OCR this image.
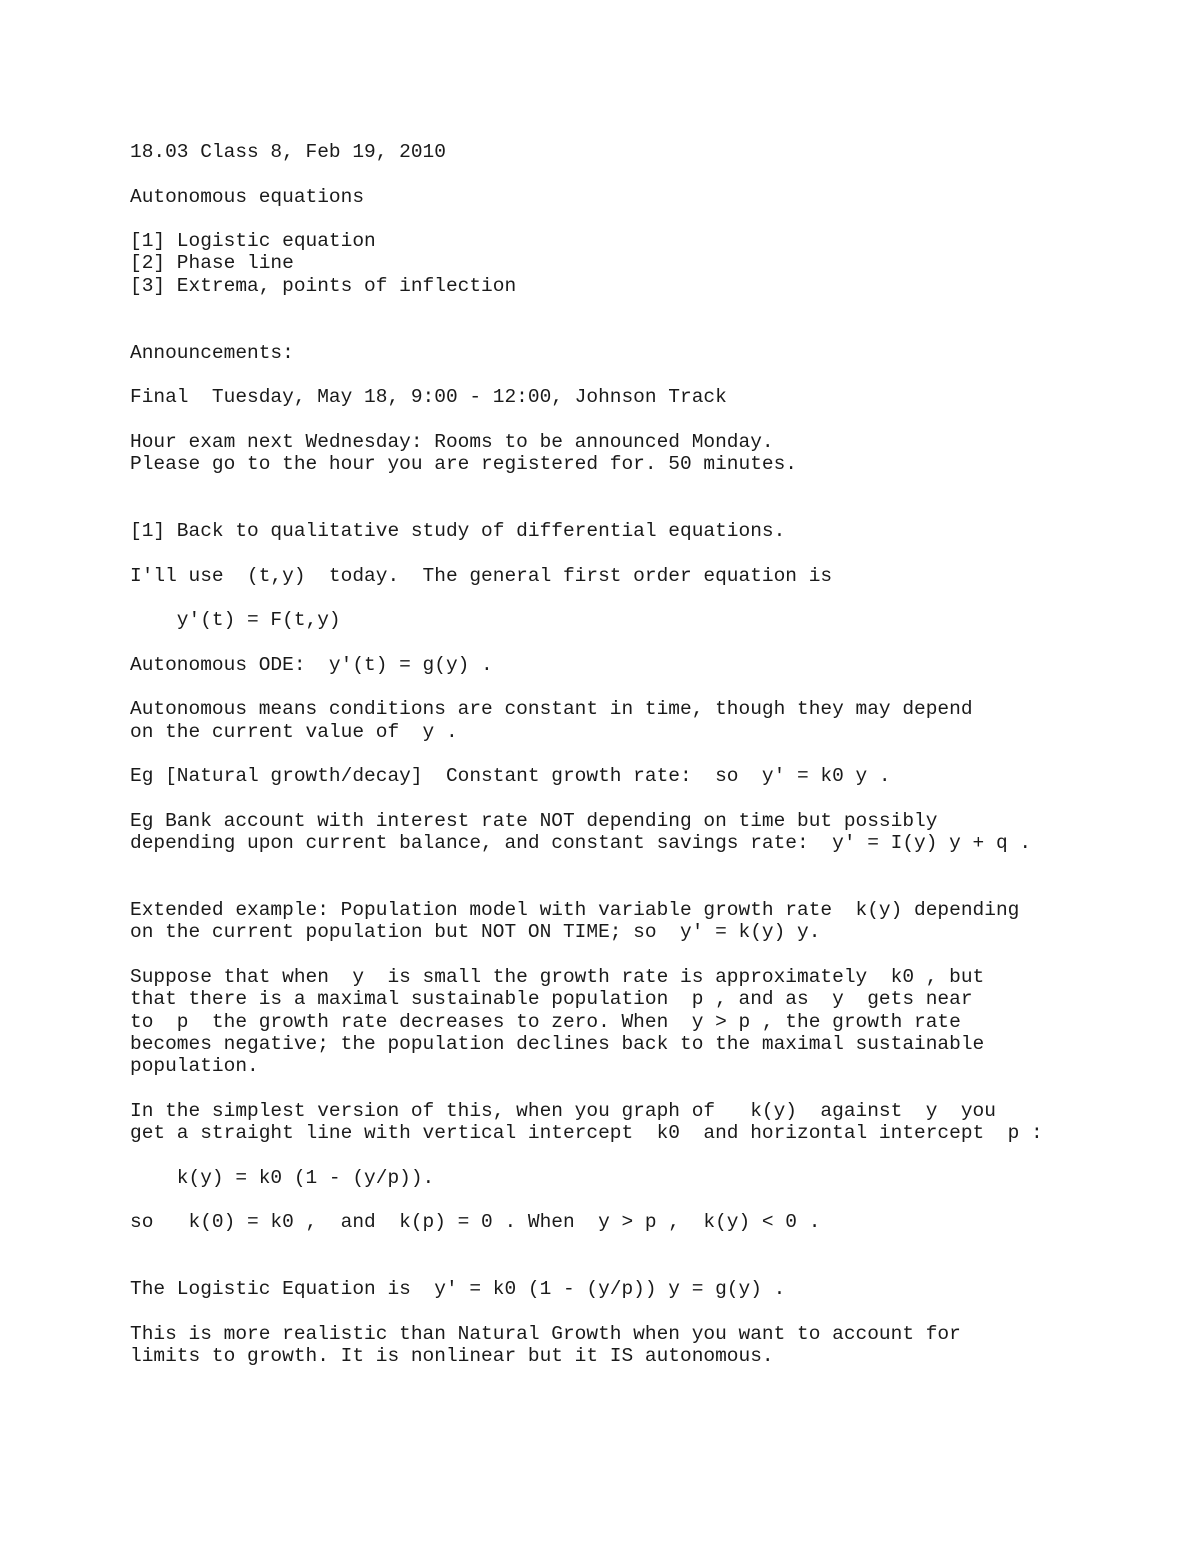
18.03 Class 8, Feb 19, 2010
Autonomous equations
[1] Logistic equation
[2] Phase line
[3] Extrema, points of inflection
Announcements:
Final  Tuesday, May 18, 9:00 - 12:00, Johnson Track
Hour exam next Wednesday: Rooms to be announced Monday.
Please go to the hour you are registered for. 50 minutes.
[1] Back to qualitative study of differential equations.
I'll use  (t,y)  today.  The general first order equation is
y'(t) = F(t,y)
Autonomous ODE:  y'(t) = g(y) .
Autonomous means conditions are constant in time, though they may depend
on the current value of  y .
Eg [Natural growth/decay]  Constant growth rate:  so  y' = k0 y .
Eg Bank account with interest rate NOT depending on time but possibly
depending upon current balance, and constant savings rate:  y' = I(y) y + q .
Extended example: Population model with variable growth rate  k(y) depending
on the current population but NOT ON TIME; so  y' = k(y) y.
Suppose that when  y  is small the growth rate is approximately  k0 , but
that there is a maximal sustainable population  p , and as  y  gets near
to  p  the growth rate decreases to zero. When  y > p , the growth rate
becomes negative; the population declines back to the maximal sustainable
population.
In the simplest version of this, when you graph of   k(y)  against  y  you
get a straight line with vertical intercept  k0  and horizontal intercept  p :
k(y) = k0 (1 - (y/p)).
so   k(0) = k0 ,  and  k(p) = 0 . When  y > p ,  k(y) < 0 .
The Logistic Equation is  y' = k0 (1 - (y/p)) y = g(y) .
This is more realistic than Natural Growth when you want to account for
limits to growth. It is nonlinear but it IS autonomous.
